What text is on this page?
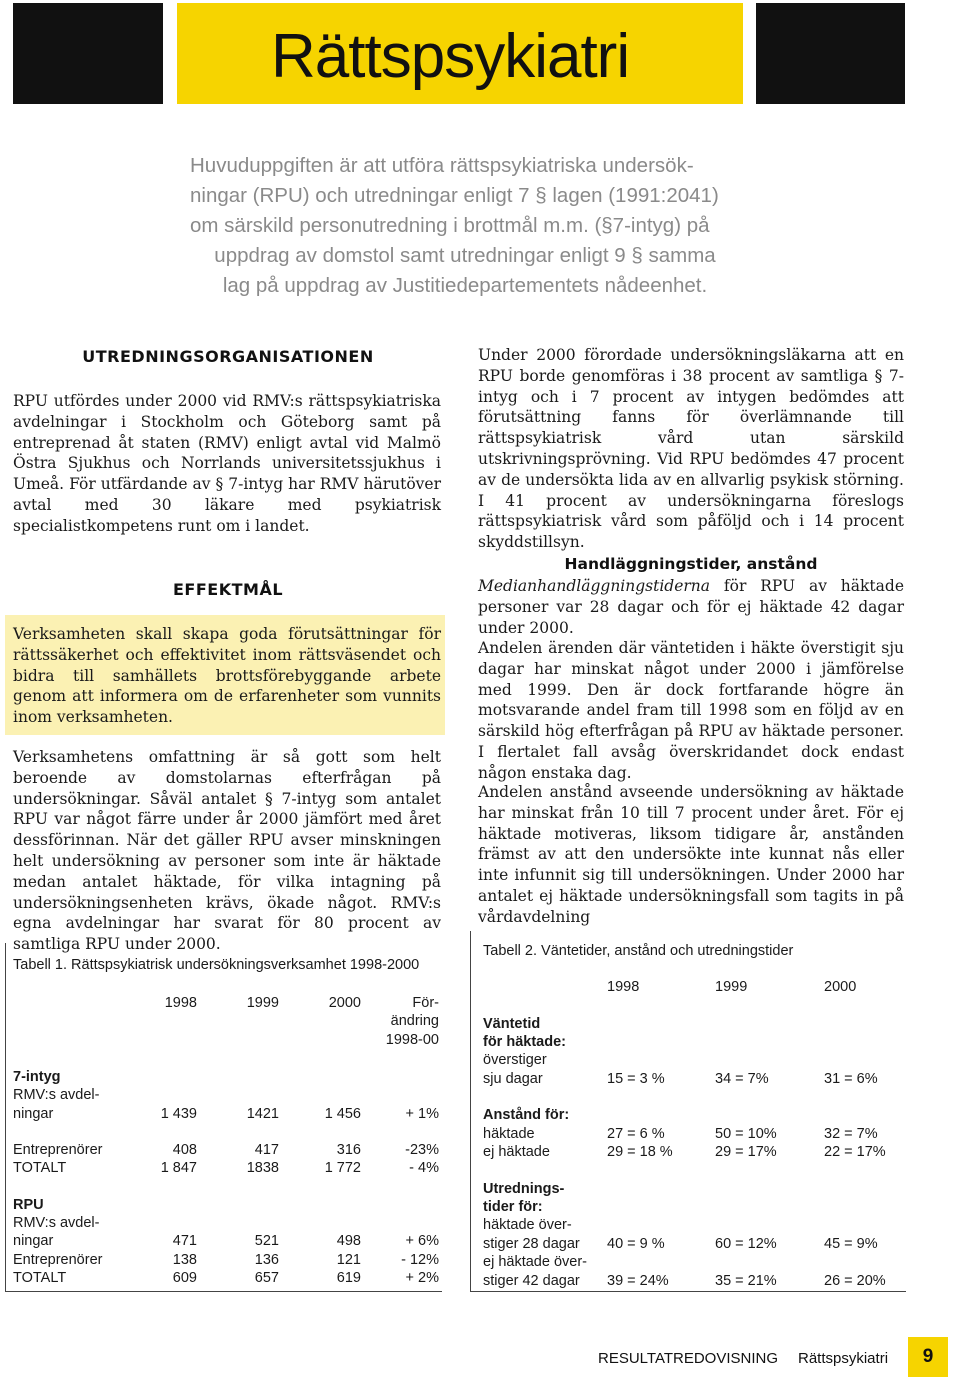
Rättspsykiatri
Huvuduppgiften är att utföra rättspsykiatriska undersök-
ningar (RPU) och utredningar enligt 7 § lagen (1991:2041)
om särskild personutredning i brottmål m.m. (§7-intyg) på
uppdrag av domstol samt utredningar enligt 9 § samma
lag på uppdrag av Justitiedepartementets nådeenhet.
UTREDNINGSORGANISATIONEN

RPU utfördes under 2000 vid RMV:s rättspsykiatriska avdelningar i Stockholm och Göteborg samt på entreprenad åt staten (RMV) enligt avtal vid Malmö Östra Sjukhus och Norrlands universitetssjukhus i Umeå. För utfärdande av § 7-intyg har RMV härutöver avtal med 30 läkare med psykiatrisk specialistkompetens runt om i landet.

EFFEKTMÅL

Verksamheten skall skapa goda förutsättningar för rättssäkerhet och effektivitet inom rättsväsendet och bidra till samhällets brottsförebyggande arbete genom att informera om de erfarenheter som vunnits inom verksamheten.

Verksamhetens omfattning är så gott som helt beroende av domstolarnas efterfrågan på undersökningar. Såväl antalet § 7-intyg som antalet RPU var något färre under år 2000 jämfört med året dessförinnan. När det gäller RPU avser minskningen helt undersökning av personer som inte är häktade medan antalet häktade, för vilka intagning på undersökningsenheten krävs, ökade något. RMV:s egna avdelningar har svarat för 80 procent av samtliga RPU under 2000.

Under 2000 förordade undersökningsläkarna att en RPU borde genomföras i 38 procent av samtliga § 7-intyg och i 7 procent av intygen bedömdes att förutsättning fanns för överlämnande till rättspsykiatrisk vård utan särskild utskrivningsprövning. Vid RPU bedömdes 47 procent av de undersökta lida av en allvarlig psykisk störning. I 41 procent av undersökningarna föreslogs rättspsykiatrisk vård som påföljd och i 14 procent skyddstillsyn.

Handläggningstider, anstånd

Medianhandläggningstiderna för RPU av häktade personer var 28 dagar och för ej häktade 42 dagar under 2000.

Andelen ärenden där väntetiden i häkte överstigit sju dagar har minskat något under 2000 i jämförelse med 1999. Den är dock fortfarande högre än motsvarande andel fram till 1998 som en följd av en särskild hög efterfrågan på RPU av häktade personer. I flertalet fall avsåg överskridandet dock endast någon enstaka dag.

Andelen anstånd avseende undersökning av häktade har minskat från 10 till 7 procent under året. För ej häktade motiveras, liksom tidigare år, anstånden främst av att den undersökte inte kunnat nås eller inte infunnit sig till undersökningen. Under 2000 har antalet ej häktade undersökningsfall som tagits in på vårdavdelning

Tabell 1. Rättspsykiatrisk undersökningsverksamhet 1998-2000
1998	1999	2000	För-
ändring
1998-00
7-intyg
RMV:s avdel-
ningar	1 439	1421	1 456	+ 1%
Entreprenörer	408	417	316	-23%
TOTALT	1 847	1838	1 772	- 4%
RPU
RMV:s avdel-
ningar	471	521	498	+ 6%
Entreprenörer	138	136	121	- 12%
TOTALT	609	657	619	+ 2%
Tabell 2. Väntetider, anstånd och utredningstider
1998	1999	2000
Väntetid
för häktade:
överstiger
sju dagar	15 = 3 %	34 = 7%	31 = 6%
Anstånd för:
häktade	27 = 6 %	50 = 10%	32 = 7%
ej häktade	29 = 18 %	29 = 17%	22 = 17%
Utrednings-
tider för:
häktade över-
stiger 28 dagar 40 = 9 %	60 = 12%	45 = 9%
ej häktade över-
stiger 42 dagar 39 = 24%	35 = 21%	26 = 20%
RESULTATREDOVISNING Rättspsykiatri	9
